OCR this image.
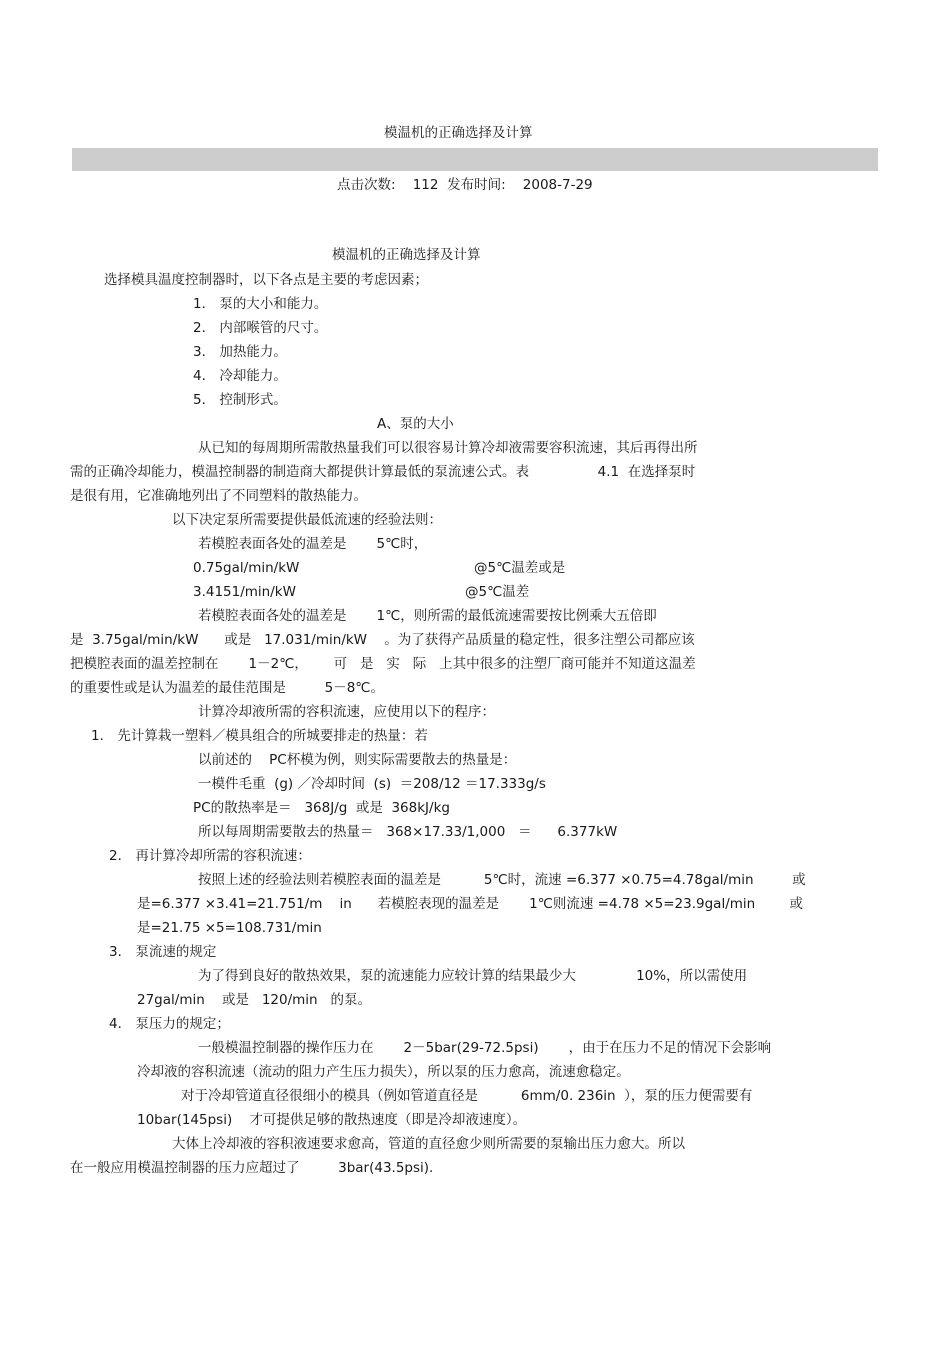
模温机的正确选择及计算
点击次数:    112  发布时间:    2008-7-29
模温机的正确选择及计算
选择模具温度控制器时，以下各点是主要的考虑因素；
1． 泵的大小和能力。
2． 内部喉管的尺寸。
3． 加热能力。
4． 冷却能力。
5． 控制形式。
A、泵的大小
从已知的每周期所需散热量我们可以很容易计算冷却液需要容积流速，其后再得出所
需的正确冷却能力，模温控制器的制造商大都提供计算最低的泵流速公式。表                4.1  在选择泵时
是很有用，它准确地列出了不同塑料的散热能力。
以下决定泵所需要提供最低流速的经验法则：
若模腔表面各处的温差是       5℃时，
0.75gal/min/kW	@5℃温差或是
3.4151/min/kW	@5℃温差
若模腔表面各处的温差是       1℃，则所需的最低流速需要按比例乘大五倍即
是  3.75gal/min/kW      或是   17.031/min/kW    。为了获得产品质量的稳定性，很多注塑公司都应该
把模腔表面的温差控制在       1－2℃，      可   是   实   际   上其中很多的注塑厂商可能并不知道这温差
的重要性或是认为温差的最佳范围是         5－8℃。
计算冷却液所需的容积流速，应使用以下的程序：
1． 先计算栽一塑料／模具组合的所城要排走的热量：若
以前述的    PC杯模为例，则实际需要散去的热量是：
一模件毛重  (g) ／冷却时间  (s)  ＝208/12 ＝17.333g/s
PC的散热率是＝   368J/g  或是  368kJ/kg
所以每周期需要散去的热量＝   368×17.33/1,000   ＝      6.377kW
2． 再计算冷却所需的容积流速：
按照上述的经验法则若模腔表面的温差是          5℃时，流速 =6.377 ×0.75=4.78gal/min         或
是=6.377 ×3.41=21.751/m    in      若模腔表现的温差是       1℃则流速 =4.78 ×5=23.9gal/min        或
是=21.75 ×5=108.731/min
3． 泵流速的规定
为了得到良好的散热效果，泵的流速能力应较计算的结果最少大              10%，所以需使用
27gal/min    或是   120/min   的泵。
4． 泵压力的规定；
一般模温控制器的操作压力在       2－5bar(29-72.5psi)       ，由于在压力不足的情况下会影响
冷却液的容积流速（流动的阻力产生压力损失），所以泵的压力愈高，流速愈稳定。
对于冷却管道直径很细小的模具（例如管道直径是          6mm/0. 236in  ），泵的压力便需要有
10bar(145psi)    才可提供足够的散热速度（即是冷却液速度）。
大体上冷却液的容积液速要求愈高，管道的直径愈少则所需要的泵输出压力愈大。所以
在一般应用模温控制器的压力应超过了         3bar(43.5psi).
